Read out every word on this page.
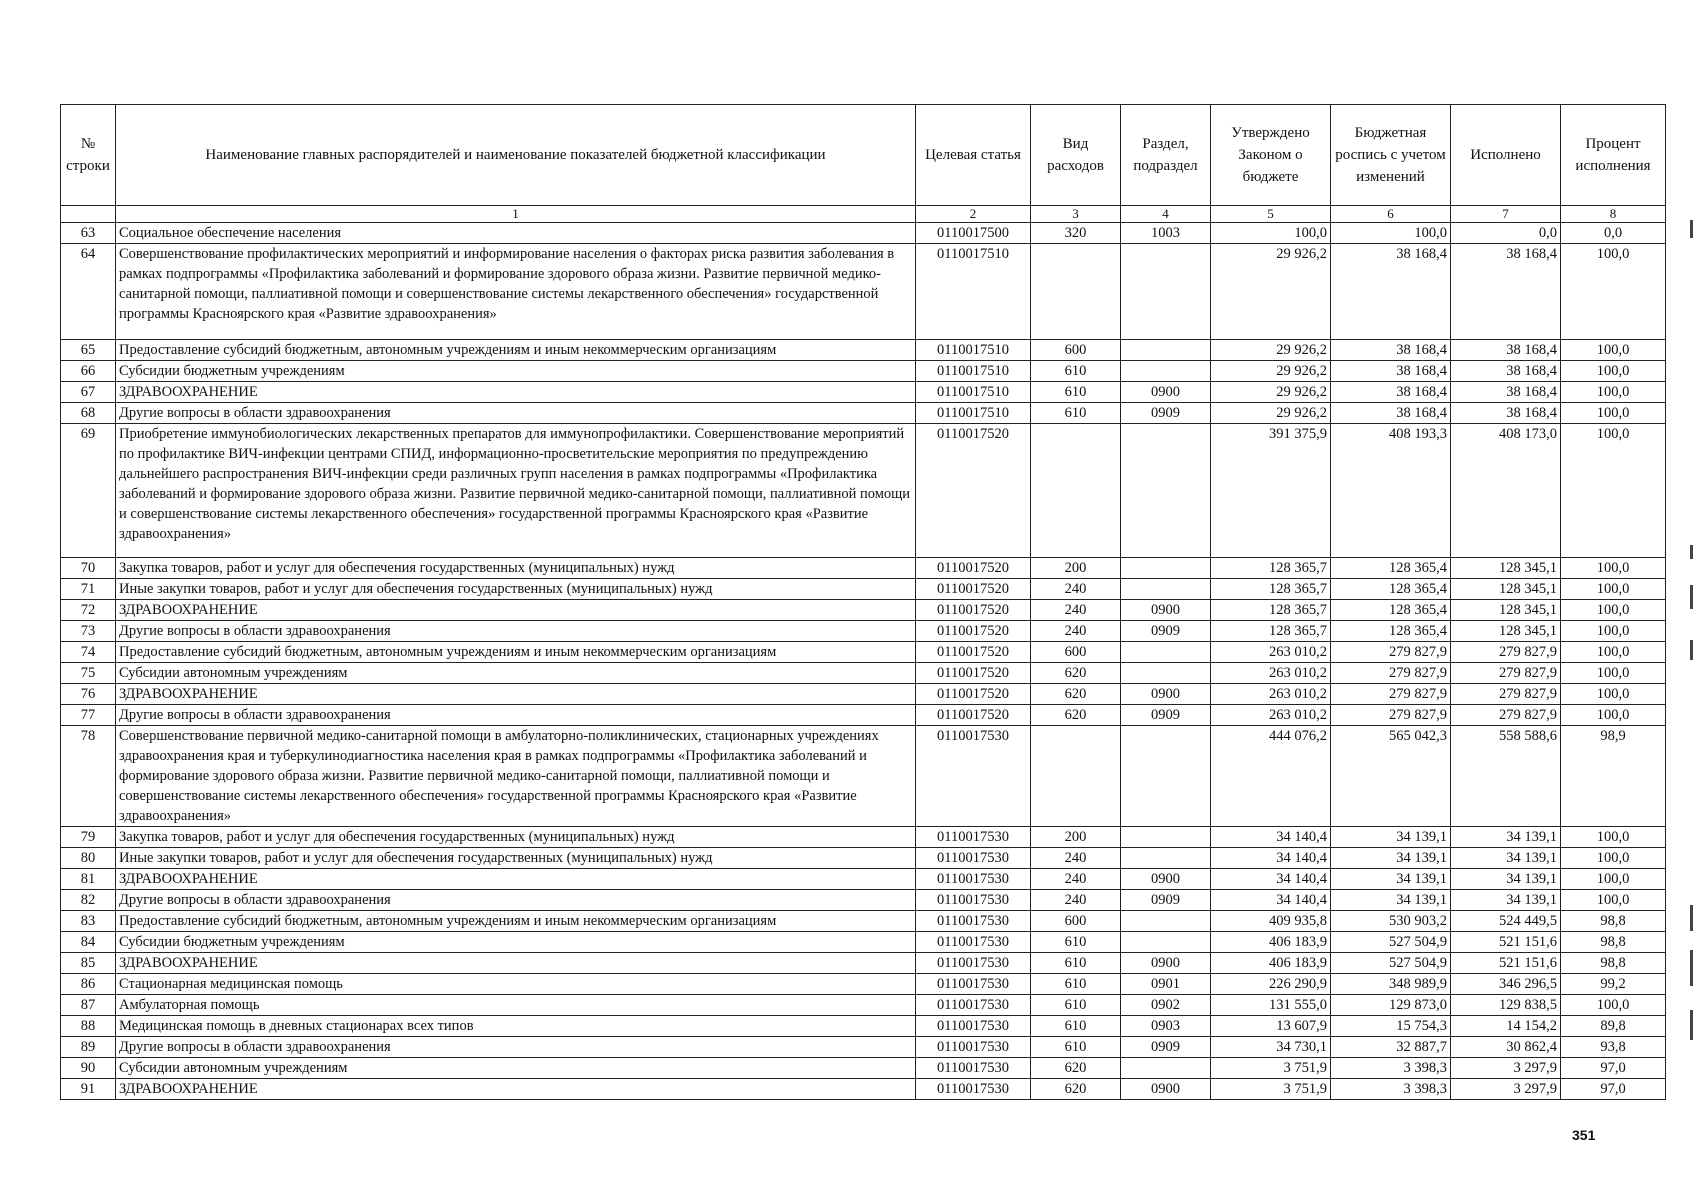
№ строки	Наименование главных распорядителей и наименование показателей бюджетной классификации	Целевая статья	Вид расходов	Раздел, подраздел	Утверждено Законом о бюджете	Бюджетная роспись с учетом изменений	Исполнено	Процент исполнения
	1	2	3	4	5	6	7	8
63	Социальное обеспечение населения	0110017500	320	1003	100,0	100,0	0,0	0,0
64	Совершенствование профилактических мероприятий и информирование населения о факторах риска развития заболевания в рамках подпрограммы «Профилактика заболеваний и формирование здорового образа жизни. Развитие первичной медико-санитарной помощи, паллиативной помощи и совершенствование системы лекарственного обеспечения» государственной программы Красноярского края «Развитие здравоохранения»	0110017510			29 926,2	38 168,4	38 168,4	100,0
65	Предоставление субсидий бюджетным, автономным учреждениям и иным некоммерческим организациям	0110017510	600		29 926,2	38 168,4	38 168,4	100,0
66	Субсидии бюджетным учреждениям	0110017510	610		29 926,2	38 168,4	38 168,4	100,0
67	ЗДРАВООХРАНЕНИЕ	0110017510	610	0900	29 926,2	38 168,4	38 168,4	100,0
68	Другие вопросы в области здравоохранения	0110017510	610	0909	29 926,2	38 168,4	38 168,4	100,0
69	Приобретение иммунобиологических лекарственных препаратов для иммунопрофилактики. Совершенствование мероприятий по профилактике ВИЧ-инфекции центрами СПИД, информационно-просветительские мероприятия по предупреждению дальнейшего распространения ВИЧ-инфекции среди различных групп населения в рамках подпрограммы «Профилактика заболеваний и формирование здорового образа жизни. Развитие первичной медико-санитарной помощи, паллиативной помощи и совершенствование системы лекарственного обеспечения» государственной программы Красноярского края «Развитие здравоохранения»	0110017520			391 375,9	408 193,3	408 173,0	100,0
70	Закупка товаров, работ и услуг для обеспечения государственных (муниципальных) нужд	0110017520	200		128 365,7	128 365,4	128 345,1	100,0
71	Иные закупки товаров, работ и услуг для обеспечения государственных (муниципальных) нужд	0110017520	240		128 365,7	128 365,4	128 345,1	100,0
72	ЗДРАВООХРАНЕНИЕ	0110017520	240	0900	128 365,7	128 365,4	128 345,1	100,0
73	Другие вопросы в области здравоохранения	0110017520	240	0909	128 365,7	128 365,4	128 345,1	100,0
74	Предоставление субсидий бюджетным, автономным учреждениям и иным некоммерческим организациям	0110017520	600		263 010,2	279 827,9	279 827,9	100,0
75	Субсидии автономным учреждениям	0110017520	620		263 010,2	279 827,9	279 827,9	100,0
76	ЗДРАВООХРАНЕНИЕ	0110017520	620	0900	263 010,2	279 827,9	279 827,9	100,0
77	Другие вопросы в области здравоохранения	0110017520	620	0909	263 010,2	279 827,9	279 827,9	100,0
78	Совершенствование первичной медико-санитарной помощи в амбулаторно-поликлинических, стационарных учреждениях здравоохранения края и туберкулинодиагностика населения края в рамках подпрограммы «Профилактика заболеваний и формирование здорового образа жизни. Развитие первичной медико-санитарной помощи, паллиативной помощи и совершенствование системы лекарственного обеспечения» государственной программы Красноярского края «Развитие здравоохранения»	0110017530			444 076,2	565 042,3	558 588,6	98,9
79	Закупка товаров, работ и услуг для обеспечения государственных (муниципальных) нужд	0110017530	200		34 140,4	34 139,1	34 139,1	100,0
80	Иные закупки товаров, работ и услуг для обеспечения государственных (муниципальных) нужд	0110017530	240		34 140,4	34 139,1	34 139,1	100,0
81	ЗДРАВООХРАНЕНИЕ	0110017530	240	0900	34 140,4	34 139,1	34 139,1	100,0
82	Другие вопросы в области здравоохранения	0110017530	240	0909	34 140,4	34 139,1	34 139,1	100,0
83	Предоставление субсидий бюджетным, автономным учреждениям и иным некоммерческим организациям	0110017530	600		409 935,8	530 903,2	524 449,5	98,8
84	Субсидии бюджетным учреждениям	0110017530	610		406 183,9	527 504,9	521 151,6	98,8
85	ЗДРАВООХРАНЕНИЕ	0110017530	610	0900	406 183,9	527 504,9	521 151,6	98,8
86	Стационарная медицинская помощь	0110017530	610	0901	226 290,9	348 989,9	346 296,5	99,2
87	Амбулаторная помощь	0110017530	610	0902	131 555,0	129 873,0	129 838,5	100,0
88	Медицинская помощь в дневных стационарах всех типов	0110017530	610	0903	13 607,9	15 754,3	14 154,2	89,8
89	Другие вопросы в области здравоохранения	0110017530	610	0909	34 730,1	32 887,7	30 862,4	93,8
90	Субсидии автономным учреждениям	0110017530	620		3 751,9	3 398,3	3 297,9	97,0
91	ЗДРАВООХРАНЕНИЕ	0110017530	620	0900	3 751,9	3 398,3	3 297,9	97,0
351
